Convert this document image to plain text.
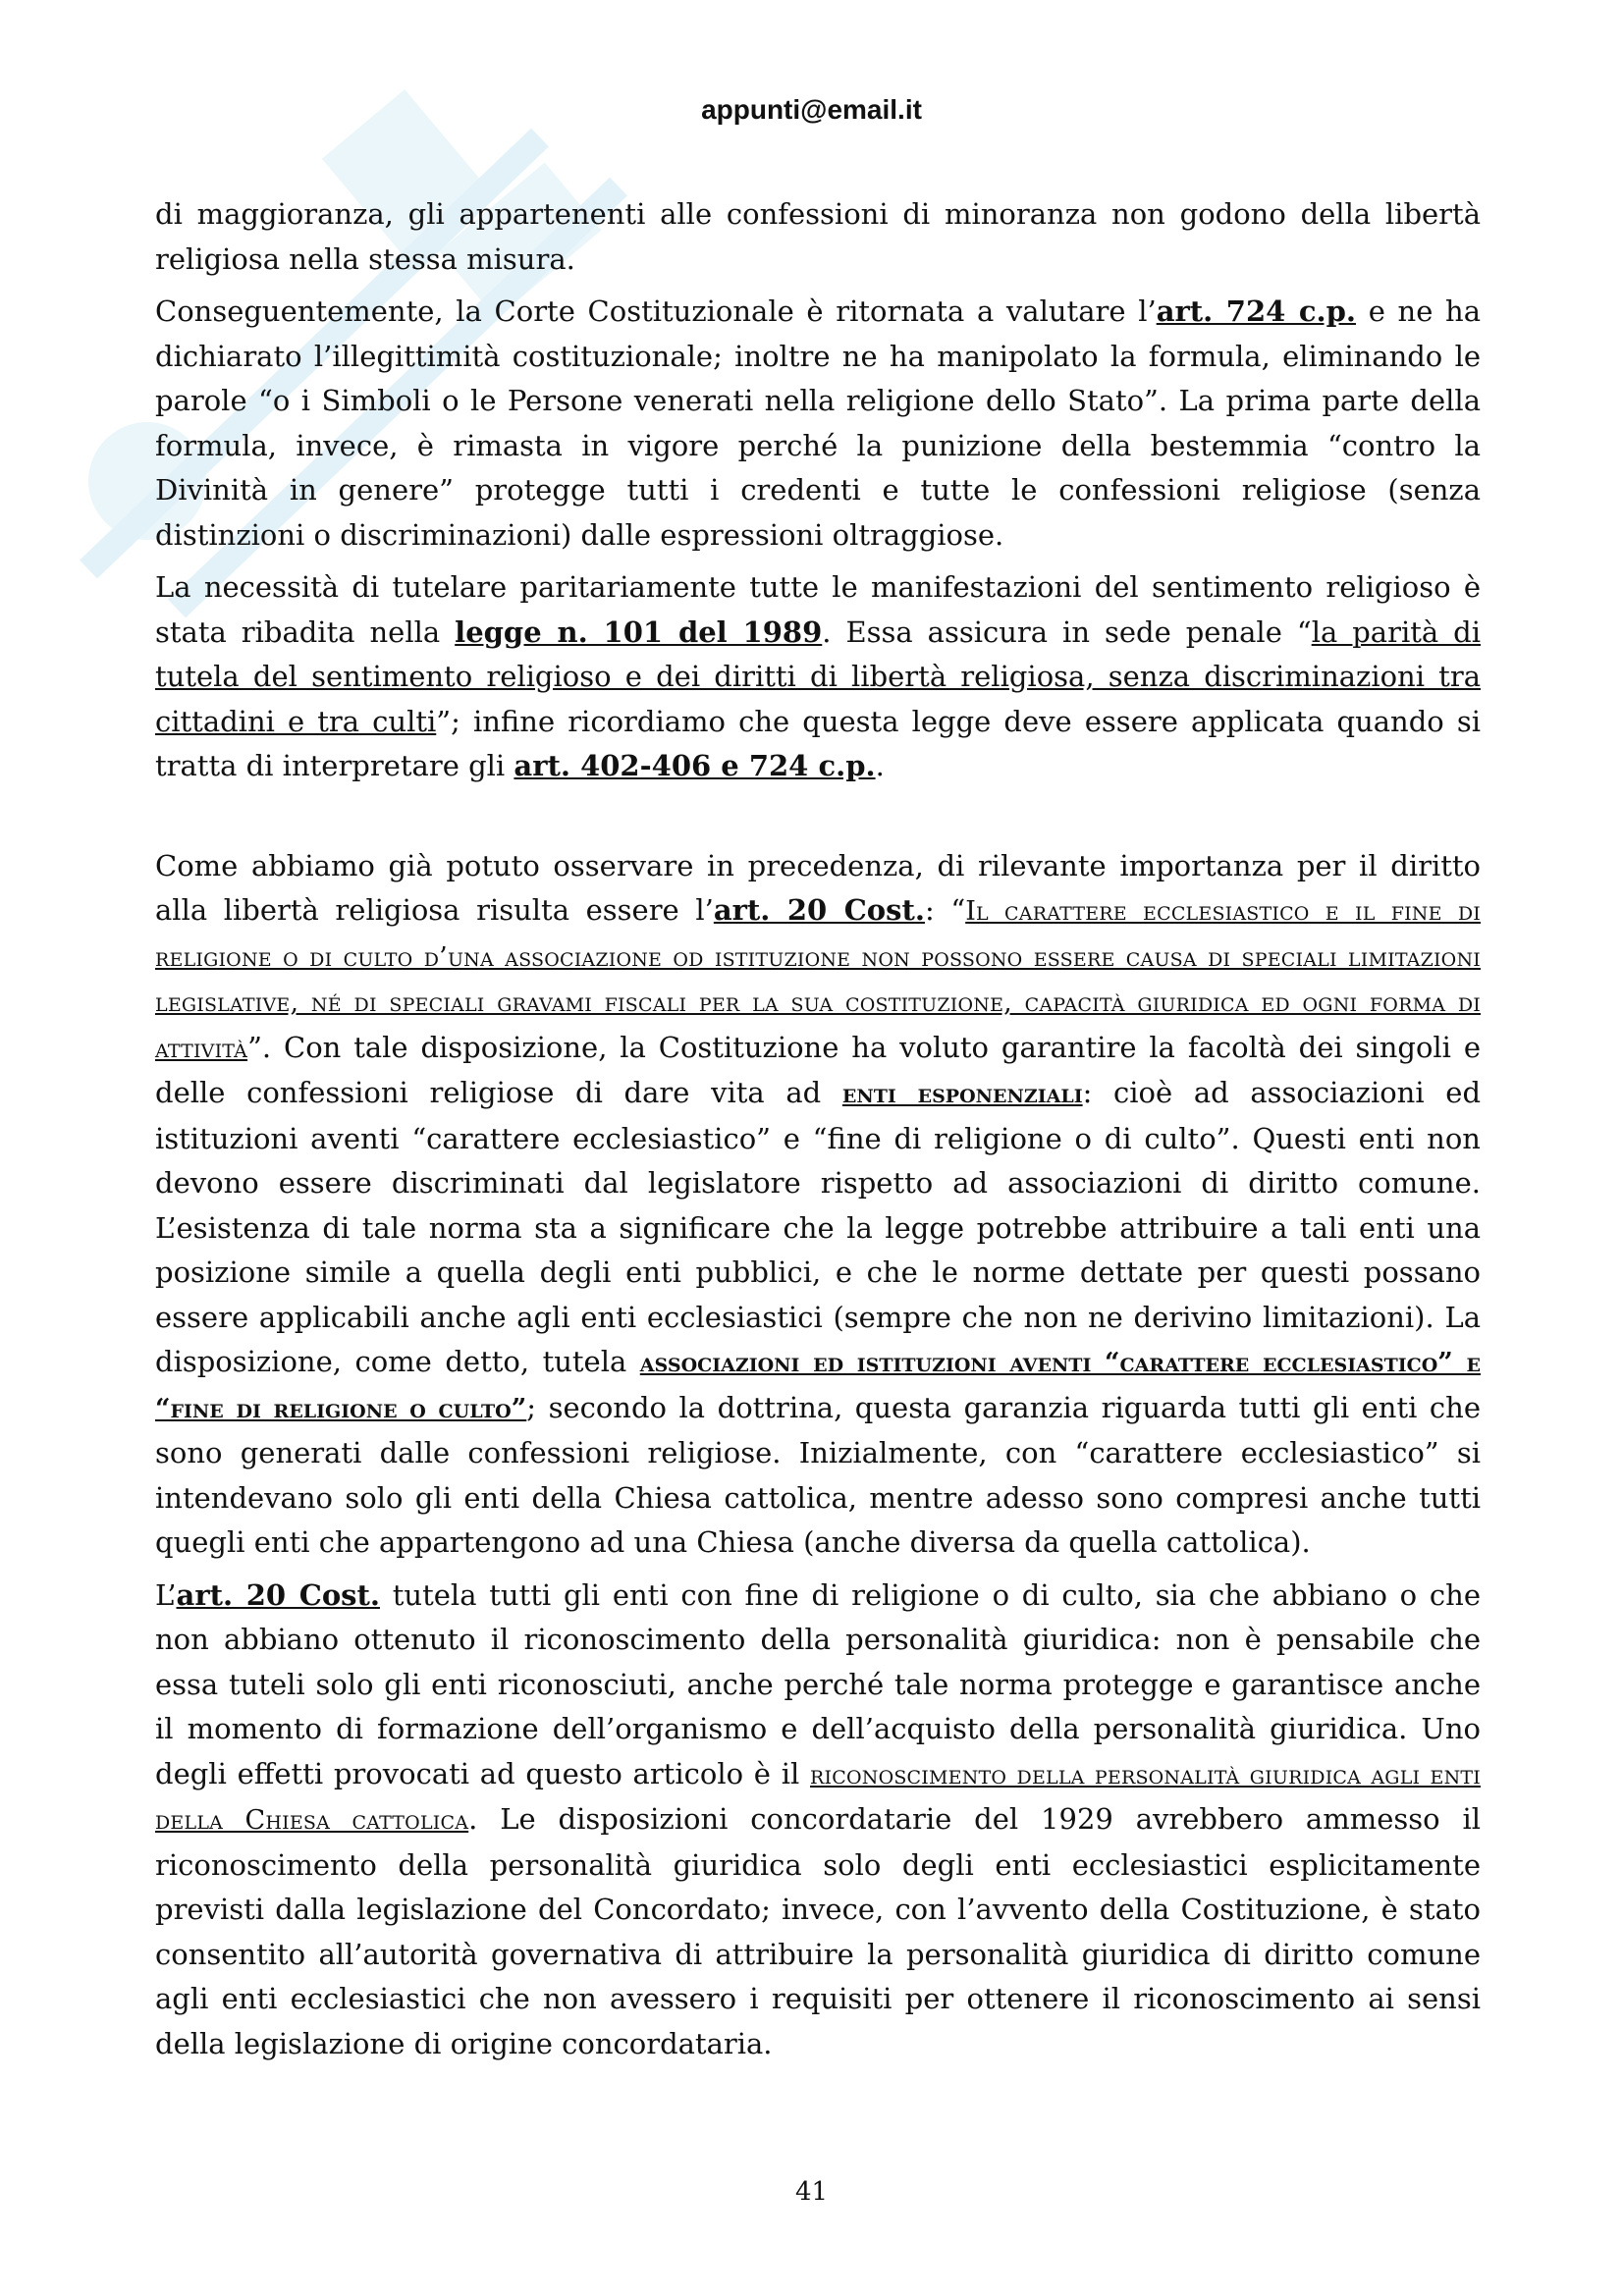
appunti@email.it

di maggioranza, gli appartenenti alle confessioni di minoranza non godono della libertà religiosa nella stessa misura.

Conseguentemente, la Corte Costituzionale è ritornata a valutare l’art. 724 c.p. e ne ha dichiarato l’illegittimità costituzionale; inoltre ne ha manipolato la formula, eliminando le parole “o i Simboli o le Persone venerati nella religione dello Stato”. La prima parte della formula, invece, è rimasta in vigore perché la punizione della bestemmia “contro la Divinità in genere” protegge tutti i credenti e tutte le confessioni religiose (senza distinzioni o discriminazioni) dalle espressioni oltraggiose.

La necessità di tutelare paritariamente tutte le manifestazioni del sentimento religioso è stata ribadita nella legge n. 101 del 1989. Essa assicura in sede penale “la parità di tutela del sentimento religioso e dei diritti di libertà religiosa, senza discriminazioni tra cittadini e tra culti”; infine ricordiamo che questa legge deve essere applicata quando si tratta di interpretare gli art. 402-406 e 724 c.p..

Come abbiamo già potuto osservare in precedenza, di rilevante importanza per il diritto alla libertà religiosa risulta essere l’art. 20 Cost.: “Il carattere ecclesiastico e il fine di religione o di culto d’una associazione od istituzione non possono essere causa di speciali limitazioni legislative, né di speciali gravami fiscali per la sua costituzione, capacità giuridica ed ogni forma di attività”. Con tale disposizione, la Costituzione ha voluto garantire la facoltà dei singoli e delle confessioni religiose di dare vita ad enti esponenziali: cioè ad associazioni ed istituzioni aventi “carattere ecclesiastico” e “fine di religione o di culto”. Questi enti non devono essere discriminati dal legislatore rispetto ad associazioni di diritto comune. L’esistenza di tale norma sta a significare che la legge potrebbe attribuire a tali enti una posizione simile a quella degli enti pubblici, e che le norme dettate per questi possano essere applicabili anche agli enti ecclesiastici (sempre che non ne derivino limitazioni). La disposizione, come detto, tutela associazioni ed istituzioni aventi “carattere ecclesiastico” e “fine di religione o culto”; secondo la dottrina, questa garanzia riguarda tutti gli enti che sono generati dalle confessioni religiose. Inizialmente, con “carattere ecclesiastico” si intendevano solo gli enti della Chiesa cattolica, mentre adesso sono compresi anche tutti quegli enti che appartengono ad una Chiesa (anche diversa da quella cattolica).

L’art. 20 Cost. tutela tutti gli enti con fine di religione o di culto, sia che abbiano o che non abbiano ottenuto il riconoscimento della personalità giuridica: non è pensabile che essa tuteli solo gli enti riconosciuti, anche perché tale norma protegge e garantisce anche il momento di formazione dell’organismo e dell’acquisto della personalità giuridica. Uno degli effetti provocati ad questo articolo è il riconoscimento della personalità giuridica agli enti della Chiesa cattolica. Le disposizioni concordatarie del 1929 avrebbero ammesso il riconoscimento della personalità giuridica solo degli enti ecclesiastici esplicitamente previsti dalla legislazione del Concordato; invece, con l’avvento della Costituzione, è stato consentito all’autorità governativa di attribuire la personalità giuridica di diritto comune agli enti ecclesiastici che non avessero i requisiti per ottenere il riconoscimento ai sensi della legislazione di origine concordataria.

41
